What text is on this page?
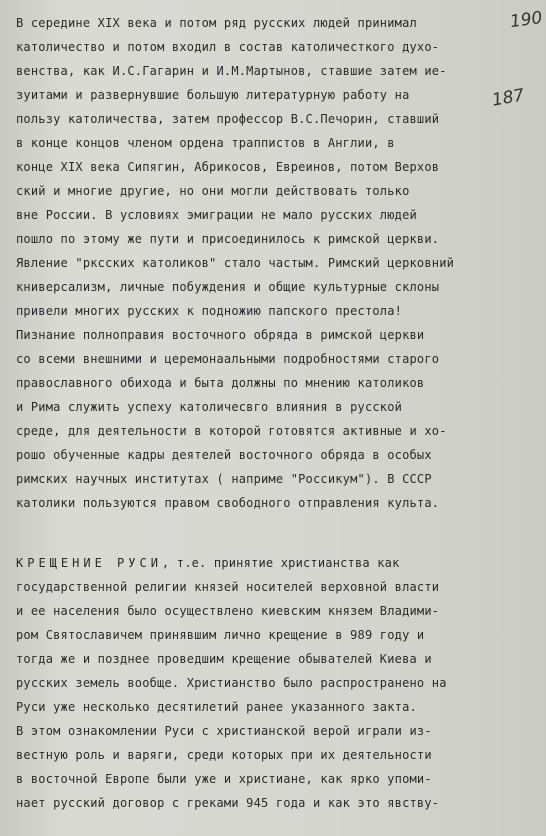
190
187

В середине XIX века и потом ряд русских людей принимал

католичество и потом входил в состав католичесткого духо-

венства, как И.С.Гагарин и И.М.Мартынов, ставшие затем ие-

зуитами и развернувшие большую литературную работу на

пользу католичества, затем профессор В.С.Печорин, ставший

в конце концов членом ордена траппистов в Англии, в

конце XIX века Сипягин, Абрикосов, Евреинов, потом Верхов

ский и многие другие, но они могли действовать только

вне России. В условиях эмиграции не мало русских людей

пошло по этому же пути и присоединилось к римской церкви.

Явление "рксских католиков" стало частым. Римский церковний

книверсализм, личные побуждения и общие культурные склоны

привели многих русских к подножию папского престола!

Пизнание полноправия восточного обряда в римской церкви

со всеми внешними и церемонаальными подробностями старого

православного обихода и быта должны по мнению католиков

и Рима служить успеху католичесвго влияния в русской

среде, для деятельности в которой готовятся активные и хо-

рошо обученные кадры деятелей восточного обряда в особых

римских научных институтах ( наприме "Россикум"). В СССР

католики пользуются правом свободного отправления культа.

КРЕЩЕНИЕ РУСИ, т.е. принятие христианства как

государственной религии князей носителей верховной власти

и ее населения было осуществлено киевским князем Владими-

ром Святославичем принявшим лично крещение в 989 году и

тогда же и позднее проведшим крещение обывателей Киева и

русских земель вообще. Христианство было распространено на

Руси уже несколько десятилетий ранее указанного закта.

В этом ознакомлении Руси с христианской верой играли из-

вестную роль и варяги, среди которых при их деятельности

в восточной Европе были уже и христиане, как ярко упоми-

нает русский договор с греками 945 года и как это явству-
